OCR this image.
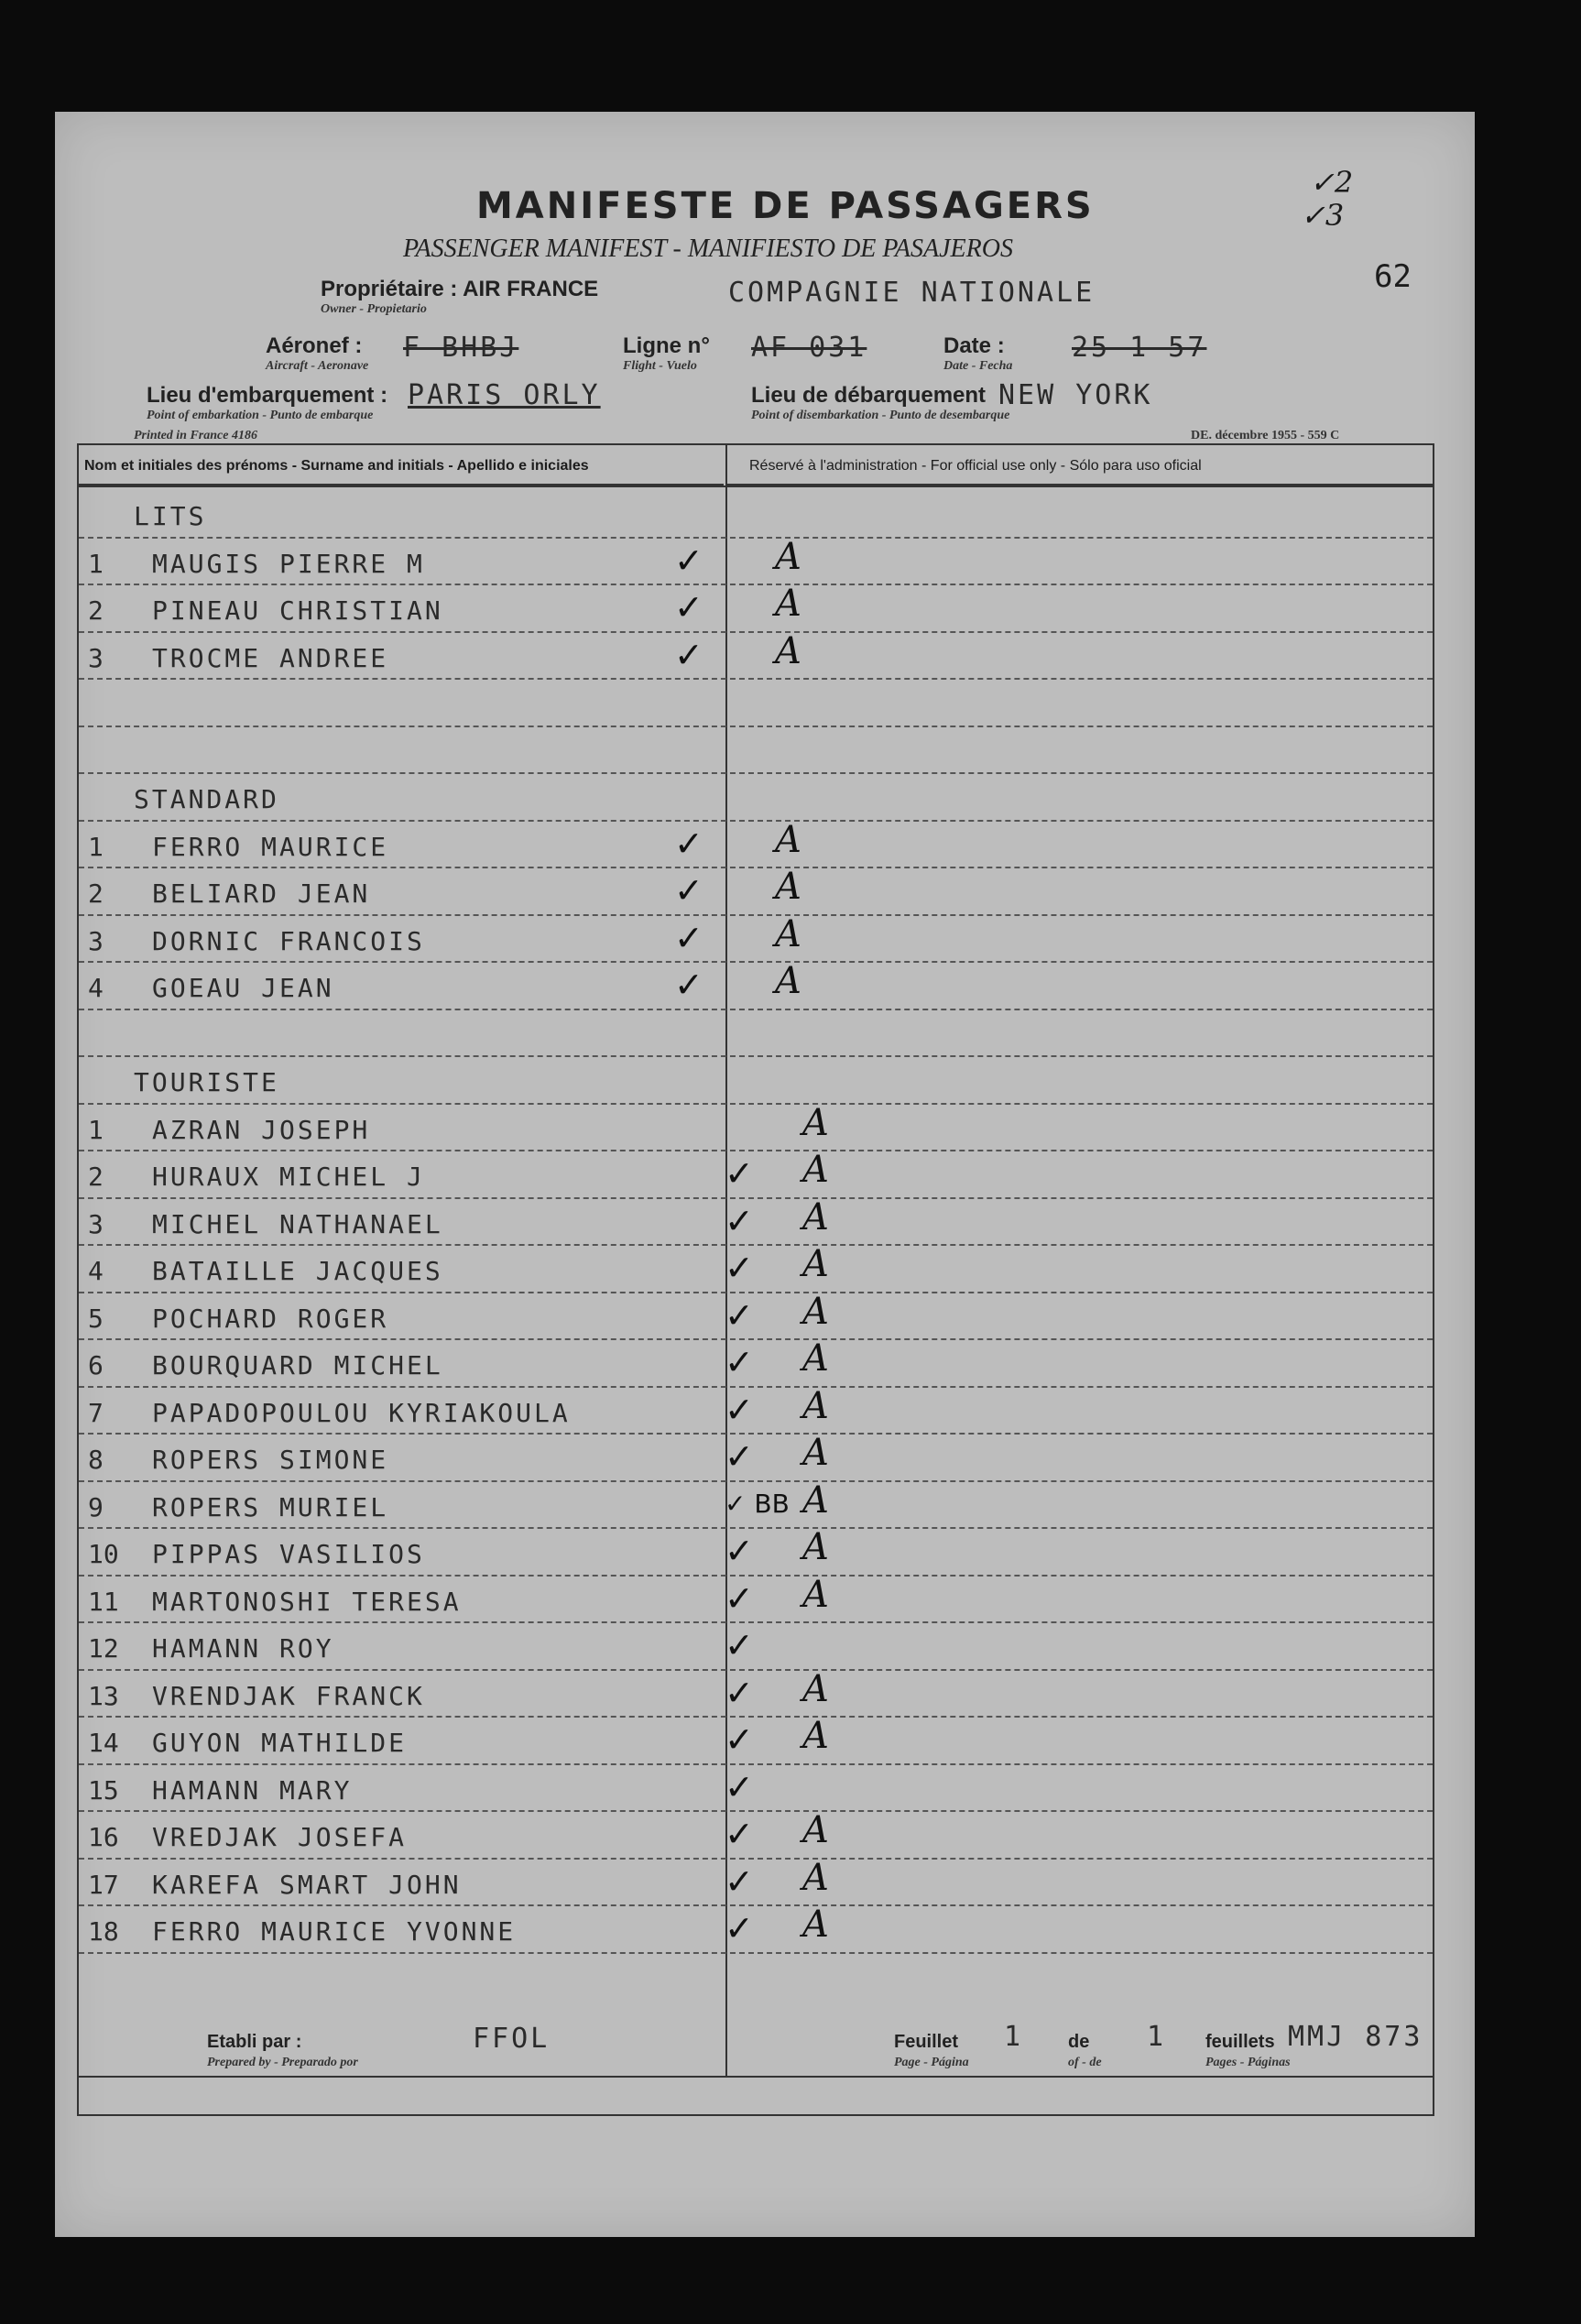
MANIFESTE DE PASSAGERS
PASSENGER MANIFEST - MANIFIESTO DE PASAJEROS
✓2
✓3
62
Propriétaire : AIR FRANCE
Owner - Propietario
COMPAGNIE NATIONALE
Aéronef :
Aircraft - Aeronave
F-BHBJ	Ligne n°
Flight - Vuelo
AF 031	Date :
Date - Fecha
25 1 57
Lieu d'embarquement :
Point of embarkation - Punto de embarque
PARIS ORLY	Lieu de débarquement
Point of disembarkation - Punto de desembarque
NEW YORK
Printed in France 4186	DE. décembre 1955 - 559 C
Nom et initiales des prénoms - Surname and initials - Apellido e iniciales	Réservé à l'administration - For official use only - Sólo para uso oficial
LITS
1	MAUGIS PIERRE M	✓ A
2	PINEAU CHRISTIAN	✓ A
3	TROCME ANDREE	✓ A
STANDARD
1	FERRO MAURICE	✓ A
2	BELIARD JEAN	✓ A
3	DORNIC FRANCOIS	✓ A
4	GOEAU JEAN	✓ A
TOURISTE
1	AZRAN JOSEPH	A
2	HURAUX MICHEL J	✓ A
3	MICHEL NATHANAEL	✓ A
4	BATAILLE JACQUES	✓ A
5	POCHARD ROGER	✓ A
6	BOURQUARD MICHEL	✓ A
7	PAPADOPOULOU KYRIAKOULA	✓ A
8	ROPERS SIMONE	✓ A
9	ROPERS MURIEL	✓ BB A
10	PIPPAS VASILIOS	✓ A
11	MARTONOSHI TERESA	✓ A
12	HAMANN ROY	✓
13	VRENDJAK FRANCK	✓ A
14	GUYON MATHILDE	✓ A
15	HAMANN MARY	✓
16	VREDJAK JOSEFA	✓ A
17	KAREFA SMART JOHN	✓ A
18	FERRO MAURICE YVONNE	✓ A
Etabli par :
Prepared by - Preparado por
FFOL	Feuillet
Page - Página
1 de
of - de
1 feuillets
Pages - Páginas
MMJ 873
